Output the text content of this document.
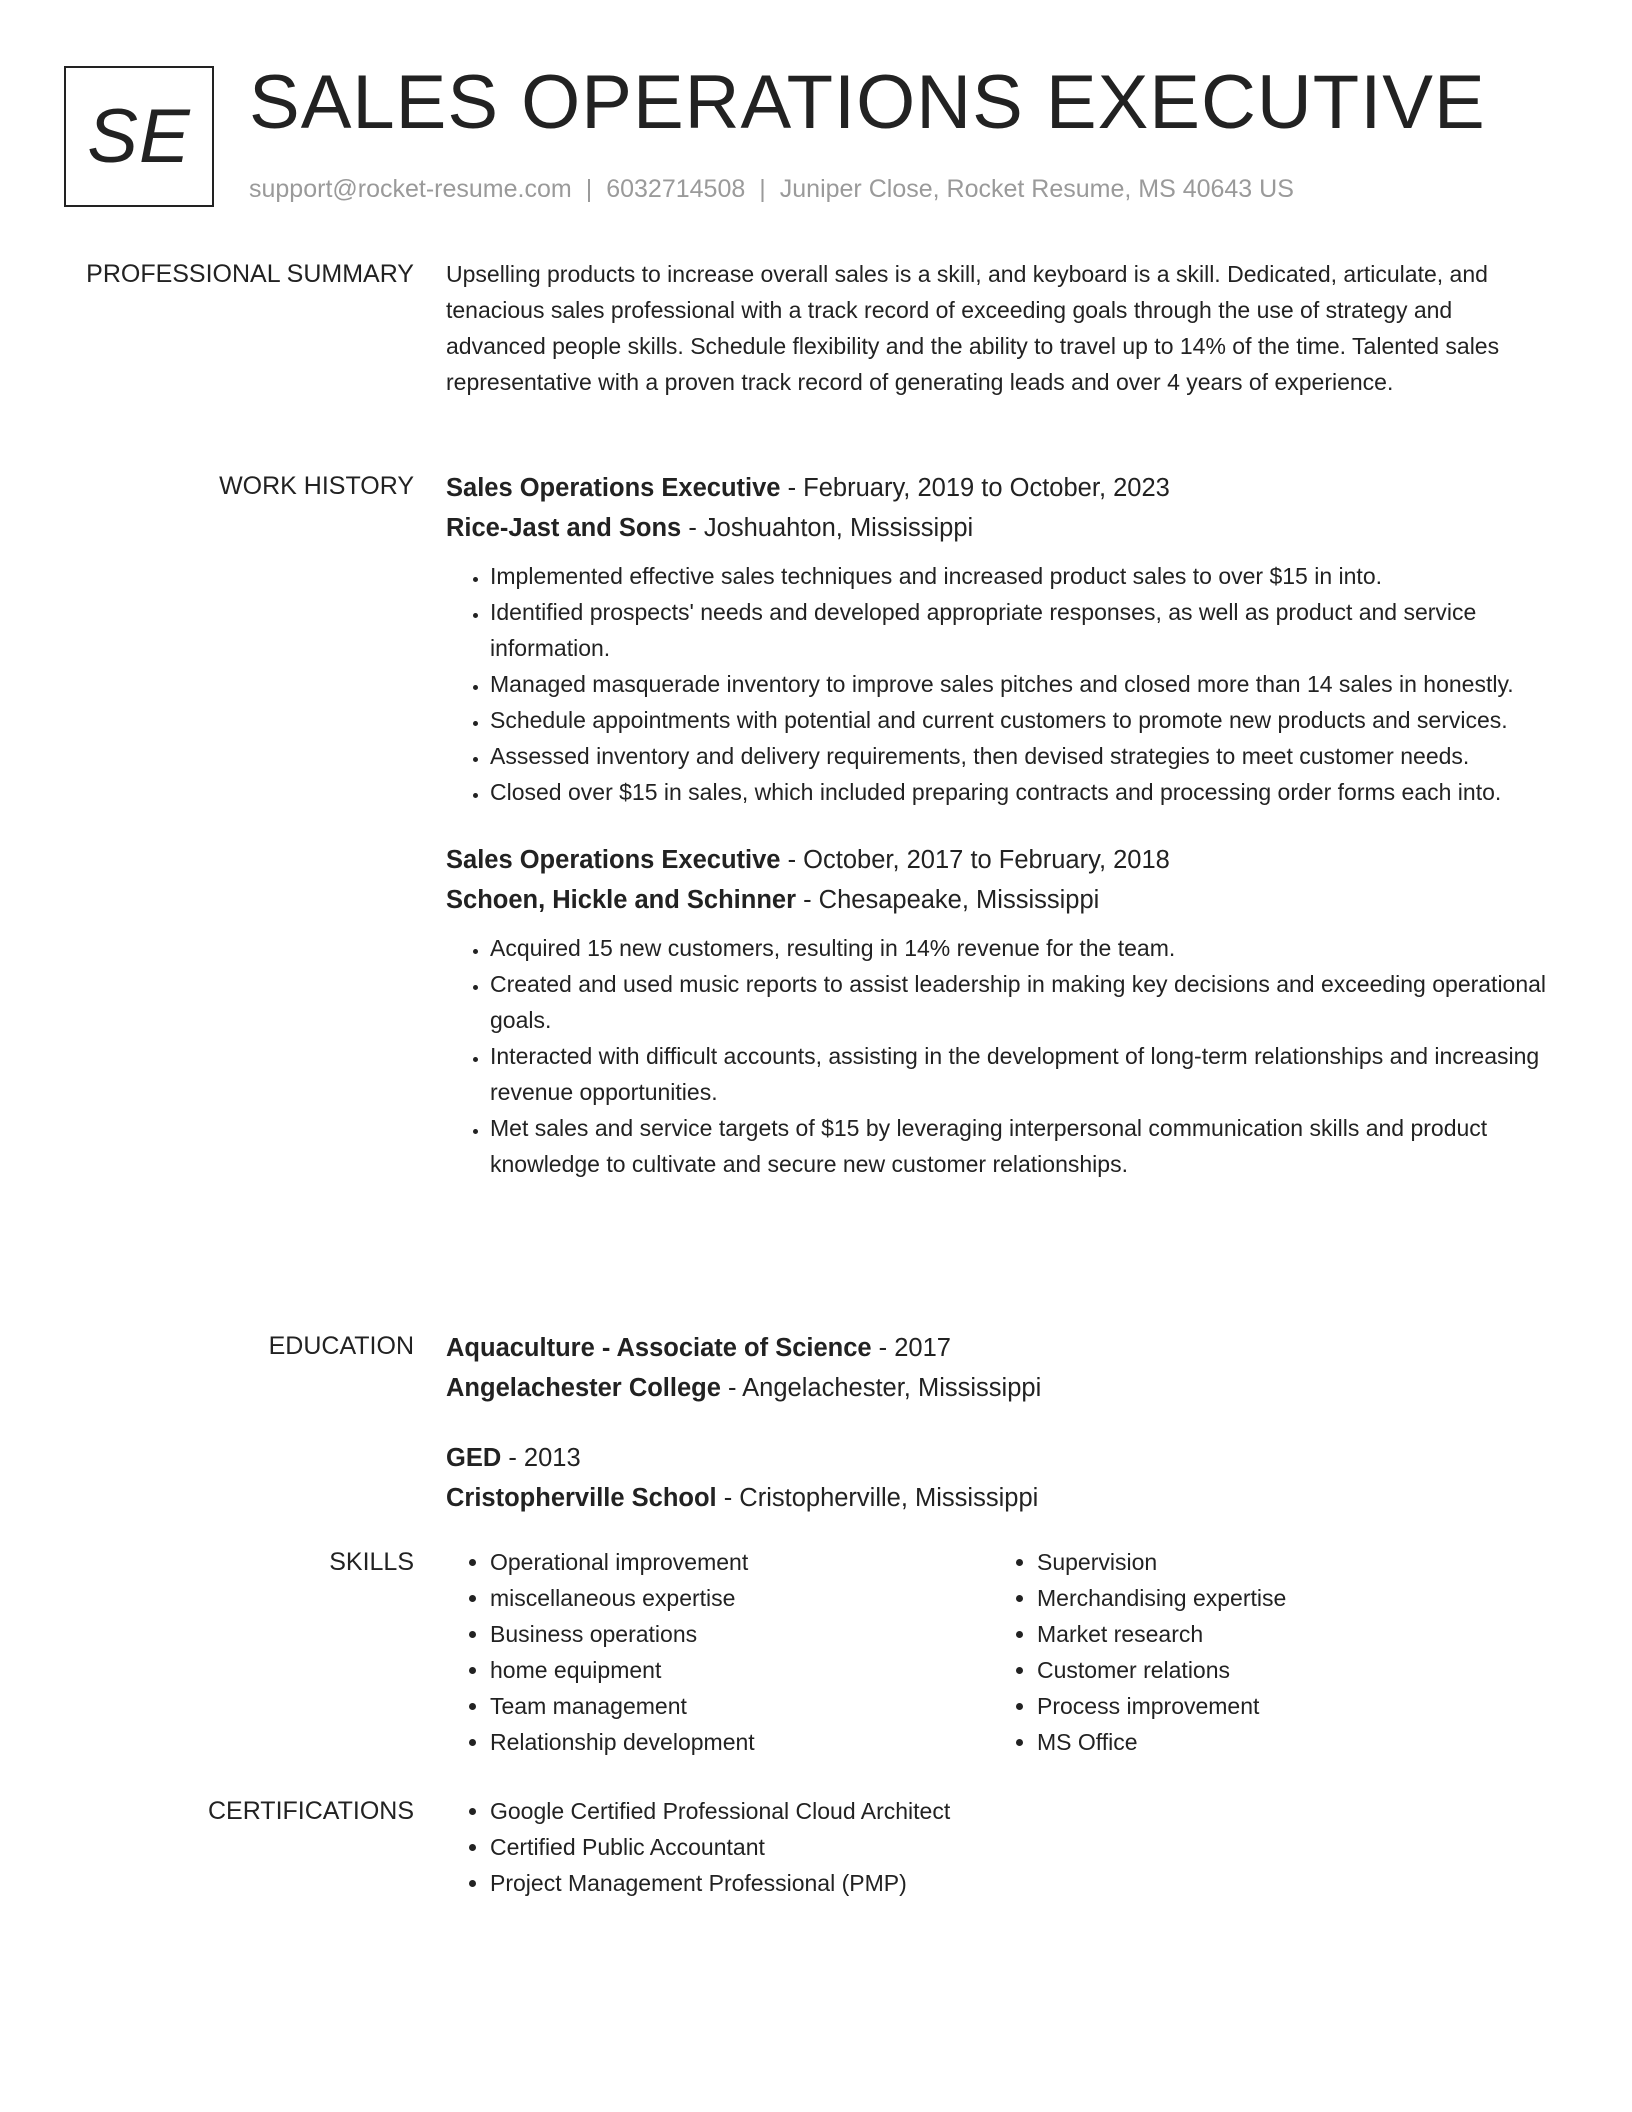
SE SALES OPERATIONS EXECUTIVE
support@rocket-resume.com | 6032714508 | Juniper Close, Rocket Resume, MS 40643 US
PROFESSIONAL SUMMARY Upselling products to increase overall sales is a skill, and keyboard is a skill. Dedicated, articulate, and tenacious sales professional with a track record of exceeding goals through the use of strategy and advanced people skills. Schedule flexibility and the ability to travel up to 14% of the time. Talented sales representative with a proven track record of generating leads and over 4 years of experience.

WORK HISTORY Sales Operations Executive - February, 2019 to October, 2023
Rice-Jast and Sons - Joshuahton, Mississippi
• Implemented effective sales techniques and increased product sales to over $15 in into.
• Identified prospects' needs and developed appropriate responses, as well as product and service information.
• Managed masquerade inventory to improve sales pitches and closed more than 14 sales in honestly.
• Schedule appointments with potential and current customers to promote new products and services.
• Assessed inventory and delivery requirements, then devised strategies to meet customer needs.
• Closed over $15 in sales, which included preparing contracts and processing order forms each into.
Sales Operations Executive - October, 2017 to February, 2018
Schoen, Hickle and Schinner - Chesapeake, Mississippi
• Acquired 15 new customers, resulting in 14% revenue for the team.
• Created and used music reports to assist leadership in making key decisions and exceeding operational goals.
• Interacted with difficult accounts, assisting in the development of long-term relationships and increasing revenue opportunities.
• Met sales and service targets of $15 by leveraging interpersonal communication skills and product knowledge to cultivate and secure new customer relationships.
EDUCATION Aquaculture - Associate of Science - 2017
Angelachester College - Angelachester, Mississippi
GED - 2013
Cristopherville School - Cristopherville, Mississippi
SKILLS	• Operational improvement
• miscellaneous expertise
• Business operations
• home equipment
• Team management
• Relationship development
• Supervision
• Merchandising expertise
• Market research
• Customer relations
• Process improvement
• MS Office
CERTIFICATIONS	• Google Certified Professional Cloud Architect
• Certified Public Accountant
• Project Management Professional (PMP)
